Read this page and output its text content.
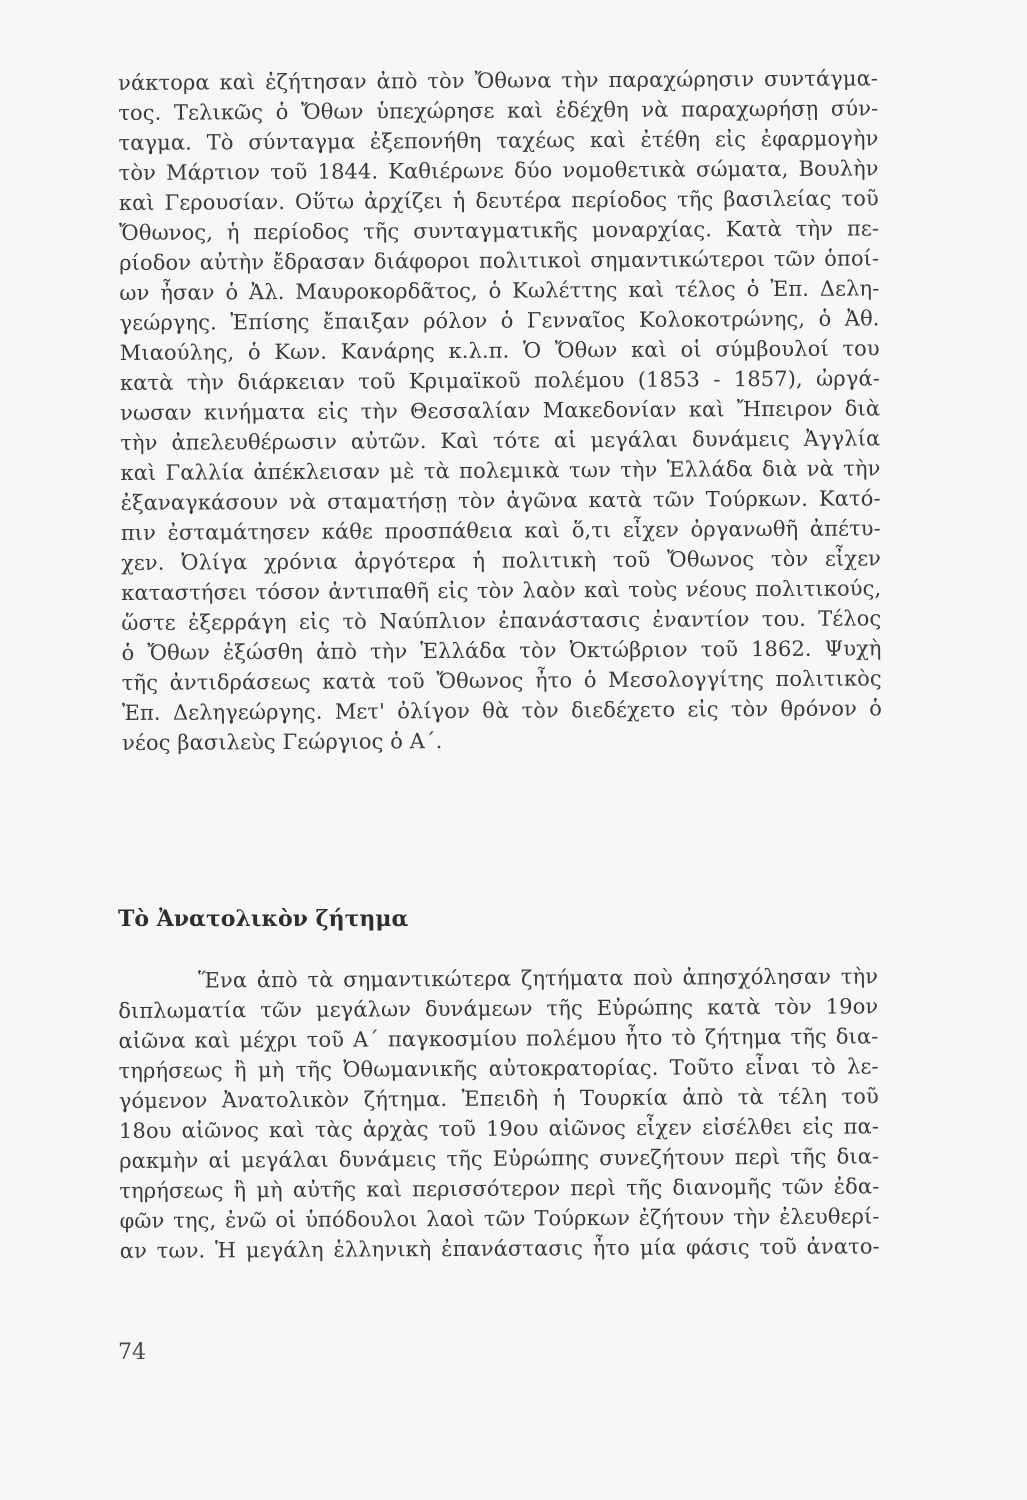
νάκτορα καὶ ἐζήτησαν ἀπὸ τὸν Ὄθωνα τὴν παραχώρησιν συντάγμα-
τος. Τελικῶς ὁ Ὄθων ὑπεχώρησε καὶ ἐδέχθη νὰ παραχωρήσῃ σύν-
ταγμα. Τὸ σύνταγμα ἐξεπονήθη ταχέως καὶ ἐτέθη εἰς ἐφαρμογὴν
τὸν Μάρτιον τοῦ 1844. Καθιέρωνε δύο νομοθετικὰ σώματα, Βουλὴν
καὶ Γερουσίαν. Οὕτω ἀρχίζει ἡ δευτέρα περίοδος τῆς βασιλείας τοῦ
Ὄθωνος, ἡ περίοδος τῆς συνταγματικῆς μοναρχίας. Κατὰ τὴν πε-
ρίοδον αὐτὴν ἔδρασαν διάφοροι πολιτικοὶ σημαντικώτεροι τῶν ὁποί-
ων ἦσαν ὁ Ἀλ. Μαυροκορδᾶτος, ὁ Κωλέττης καὶ τέλος ὁ Ἐπ. Δελη-
γεώργης. Ἐπίσης ἔπαιξαν ρόλον ὁ Γενναῖος Κολοκοτρώνης, ὁ Ἀθ.
Μιαούλης, ὁ Κων. Κανάρης κ.λ.π. Ὁ Ὄθων καὶ οἱ σύμβουλοί του
κατὰ τὴν διάρκειαν τοῦ Κριμαϊκοῦ πολέμου (1853 - 1857), ὠργά-
νωσαν κινήματα εἰς τὴν Θεσσαλίαν Μακεδονίαν καὶ Ἤπειρον διὰ
τὴν ἀπελευθέρωσιν αὐτῶν. Καὶ τότε αἱ μεγάλαι δυνάμεις Ἀγγλία
καὶ Γαλλία ἀπέκλεισαν μὲ τὰ πολεμικὰ των τὴν Ἑλλάδα διὰ νὰ τὴν
ἐξαναγκάσουν νὰ σταματήσῃ τὸν ἀγῶνα κατὰ τῶν Τούρκων. Κατό-
πιν ἐσταμάτησεν κάθε προσπάθεια καὶ ὅ,τι εἶχεν ὀργανωθῆ ἀπέτυ-
χεν. Ὀλίγα χρόνια ἀργότερα ἡ πολιτικὴ τοῦ Ὄθωνος τὸν εἶχεν
καταστήσει τόσον ἀντιπαθῆ εἰς τὸν λαὸν καὶ τοὺς νέους πολιτικούς,
ὥστε ἐξερράγη εἰς τὸ Ναύπλιον ἐπανάστασις ἐναντίον του. Τέλος
ὁ Ὄθων ἐξώσθη ἀπὸ τὴν Ἑλλάδα τὸν Ὀκτώβριον τοῦ 1862. Ψυχὴ
τῆς ἀντιδράσεως κατὰ τοῦ Ὄθωνος ἦτο ὁ Μεσολογγίτης πολιτικὸς
Ἐπ. Δεληγεώργης. Μετ' ὀλίγον θὰ τὸν διεδέχετο εἰς τὸν θρόνον ὁ
νέος βασιλεὺς Γεώργιος ὁ Α΄.
Τὸ Ἀνατολικὸν ζήτημα
Ἕνα ἀπὸ τὰ σημαντικώτερα ζητήματα ποὺ ἀπησχόλησαν τὴν
διπλωματία τῶν μεγάλων δυνάμεων τῆς Εὐρώπης κατὰ τὸν 19ον
αἰῶνα καὶ μέχρι τοῦ Α΄ παγκοσμίου πολέμου ἦτο τὸ ζήτημα τῆς δια-
τηρήσεως ἢ μὴ τῆς Ὀθωμανικῆς αὐτοκρατορίας. Τοῦτο εἶναι τὸ λε-
γόμενον Ἀνατολικὸν ζήτημα. Ἐπειδὴ ἡ Τουρκία ἀπὸ τὰ τέλη τοῦ
18ου αἰῶνος καὶ τὰς ἀρχὰς τοῦ 19ου αἰῶνος εἶχεν εἰσέλθει εἰς πα-
ρακμὴν αἱ μεγάλαι δυνάμεις τῆς Εὐρώπης συνεζήτουν περὶ τῆς δια-
τηρήσεως ἢ μὴ αὐτῆς καὶ περισσότερον περὶ τῆς διανομῆς τῶν ἐδα-
φῶν της, ἐνῶ οἱ ὑπόδουλοι λαοὶ τῶν Τούρκων ἐζήτουν τὴν ἐλευθερί-
αν των. Ἡ μεγάλη ἑλληνικὴ ἐπανάστασις ἦτο μία φάσις τοῦ ἀνατο-
74
